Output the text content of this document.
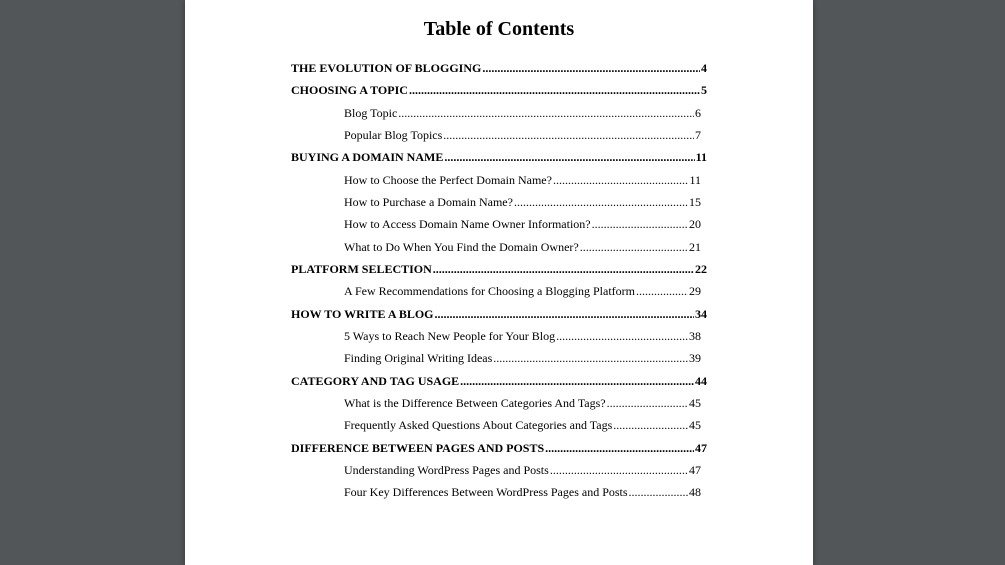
Table of Contents
THE EVOLUTION OF BLOGGING .....	4
CHOOSING A TOPIC .....	5
Blog Topic .....	6
Popular Blog Topics .....	7
BUYING A DOMAIN NAME .....	11
How to Choose the Perfect Domain Name? .....	11
How to Purchase a Domain Name? .....	15
How to Access Domain Name Owner Information? .....	20
What to Do When You Find the Domain Owner? .....	21
PLATFORM SELECTION .....	22
A Few Recommendations for Choosing a Blogging Platform .....	29
HOW TO WRITE A BLOG .....	34
5 Ways to Reach New People for Your Blog .....	38
Finding Original Writing Ideas .....	39
CATEGORY AND TAG USAGE .....	44
What is the Difference Between Categories And Tags? .....	45
Frequently Asked Questions About Categories and Tags .....	45
DIFFERENCE BETWEEN PAGES AND POSTS .....	47
Understanding WordPress Pages and Posts .....	47
Four Key Differences Between WordPress Pages and Posts .....	48
